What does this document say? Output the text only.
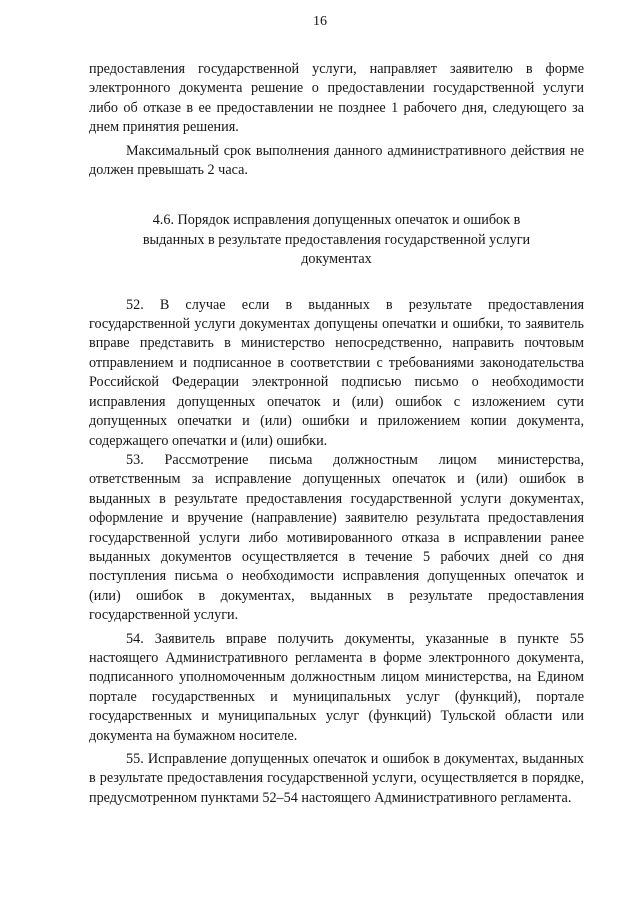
16

предоставления государственной услуги, направляет заявителю в форме электронного документа решение о предоставлении государственной услуги либо об отказе в ее предоставлении не позднее 1 рабочего дня, следующего за днем принятия решения.

Максимальный срок выполнения данного административного действия не должен превышать 2 часа.

4.6. Порядок исправления допущенных опечаток и ошибок в выданных в результате предоставления государственной услуги документах

52. В случае если в выданных в результате предоставления государственной услуги документах допущены опечатки и ошибки, то заявитель вправе представить в министерство непосредственно, направить почтовым отправлением и подписанное в соответствии с требованиями законодательства Российской Федерации электронной подписью письмо о необходимости исправления допущенных опечаток и (или) ошибок с изложением сути допущенных опечатки и (или) ошибки и приложением копии документа, содержащего опечатки и (или) ошибки.

53. Рассмотрение письма должностным лицом министерства, ответственным за исправление допущенных опечаток и (или) ошибок в выданных в результате предоставления государственной услуги документах, оформление и вручение (направление) заявителю результата предоставления государственной услуги либо мотивированного отказа в исправлении ранее выданных документов осуществляется в течение 5 рабочих дней со дня поступления письма о необходимости исправления допущенных опечаток и (или) ошибок в документах, выданных в результате предоставления государственной услуги.

54. Заявитель вправе получить документы, указанные в пункте 55 настоящего Административного регламента в форме электронного документа, подписанного уполномоченным должностным лицом министерства, на Едином портале государственных и муниципальных услуг (функций), портале государственных и муниципальных услуг (функций) Тульской области или документа на бумажном носителе.

55. Исправление допущенных опечаток и ошибок в документах, выданных в результате предоставления государственной услуги, осуществляется в порядке, предусмотренном пунктами 52–54 настоящего Административного регламента.
